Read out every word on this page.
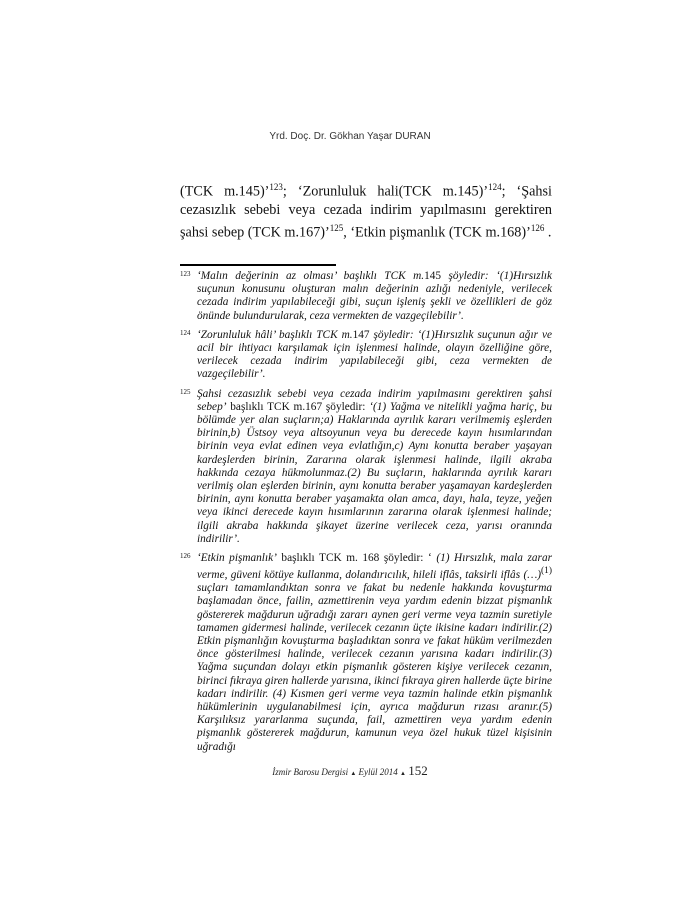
Yrd. Doç. Dr. Gökhan Yaşar DURAN
(TCK m.145)’$^{123}$; ‘Zorunluluk hali(TCK m.145)’$^{124}$; ‘Şahsi cezasızlık sebebi veya cezada indirim yapılmasını gerektiren şahsi sebep (TCK m.167)’$^{125}$, ‘Etkin pişmanlık (TCK m.168)’$^{126}$ .
123 ‘Malın değerinin az olması’ başlıklı TCK m.145 şöyledir: ‘(1)Hırsızlık suçunun konusunu oluşturan malın değerinin azlığı nedeniyle, verilecek cezada indirim yapılabileceği gibi, suçun işleniş şekli ve özellikleri de göz önünde bulundurularak, ceza vermekten de vazgeçilebilir’.
124 ‘Zorunluluk hâli’ başlıklı TCK m.147 şöyledir: ‘(1)Hırsızlık suçunun ağır ve acil bir ihtiyacı karşılamak için işlenmesi halinde, olayın özelliğine göre, verilecek cezada indirim yapılabileceği gibi, ceza vermekten de vazgeçilebilir’.
125 Şahsi cezasızlık sebebi veya cezada indirim yapılmasını gerektiren şahsi sebep’ başlıklı TCK m.167 şöyledir: ‘(1) Yağma ve nitelikli yağma hariç, bu bölümde yer alan suçların;a) Haklarında ayrılık kararı verilmemiş eşlerden birinin,b) Üstsoy veya altsoyunun veya bu derecede kayın hısımlarından birinin veya evlat edinen veya evlatlığın,c) Aynı konutta beraber yaşayan kardeşlerden birinin, Zararına olarak işlenmesi halinde, ilgili akraba hakkında cezaya hükmolunmaz.(2) Bu suçların, haklarında ayrılık kararı verilmiş olan eşlerden birinin, aynı konutta beraber yaşamayan kardeşlerden birinin, aynı konutta beraber yaşamakta olan amca, dayı, hala, teyze, yeğen veya ikinci derecede kayın hısımlarının zararına olarak işlenmesi halinde; ilgili akraba hakkında şikayet üzerine verilecek ceza, yarısı oranında indirilir’.
126 ‘Etkin pişmanlık’ başlıklı TCK m. 168 şöyledir: ‘ (1) Hırsızlık, mala zarar verme, güveni kötüye kullanma, dolandırıcılık, hileli iflâs, taksirli iflâs (…)$^{(1)}$ suçları tamamlandıktan sonra ve fakat bu nedenle hakkında kovuşturma başlamadan önce, failin, azmettirenin veya yardım edenin bizzat pişmanlık göstererek mağdurun uğradığı zararı aynen geri verme veya tazmin suretiyle tamamen gidermesi halinde, verilecek cezanın üçte ikisine kadarı indirilir.(2) Etkin pişmanlığın kovuşturma başladıktan sonra ve fakat hüküm verilmezden önce gösterilmesi halinde, verilecek cezanın yarısına kadarı indirilir.(3) Yağma suçundan dolayı etkin pişmanlık gösteren kişiye verilecek cezanın, birinci fıkraya giren hallerde yarısına, ikinci fıkraya giren hallerde üçte birine kadarı indirilir. (4) Kısmen geri verme veya tazmin halinde etkin pişmanlık hükümlerinin uygulanabilmesi için, ayrıca mağdurun rızası aranır.(5) Karşılıksız yararlanma suçunda, fail, azmettiren veya yardım edenin pişmanlık göstererek mağdurun, kamunun veya özel hukuk tüzel kişisinin uğradığı
İzmir Barosu Dergisi ▲ Eylül 2014 ▲ 152
